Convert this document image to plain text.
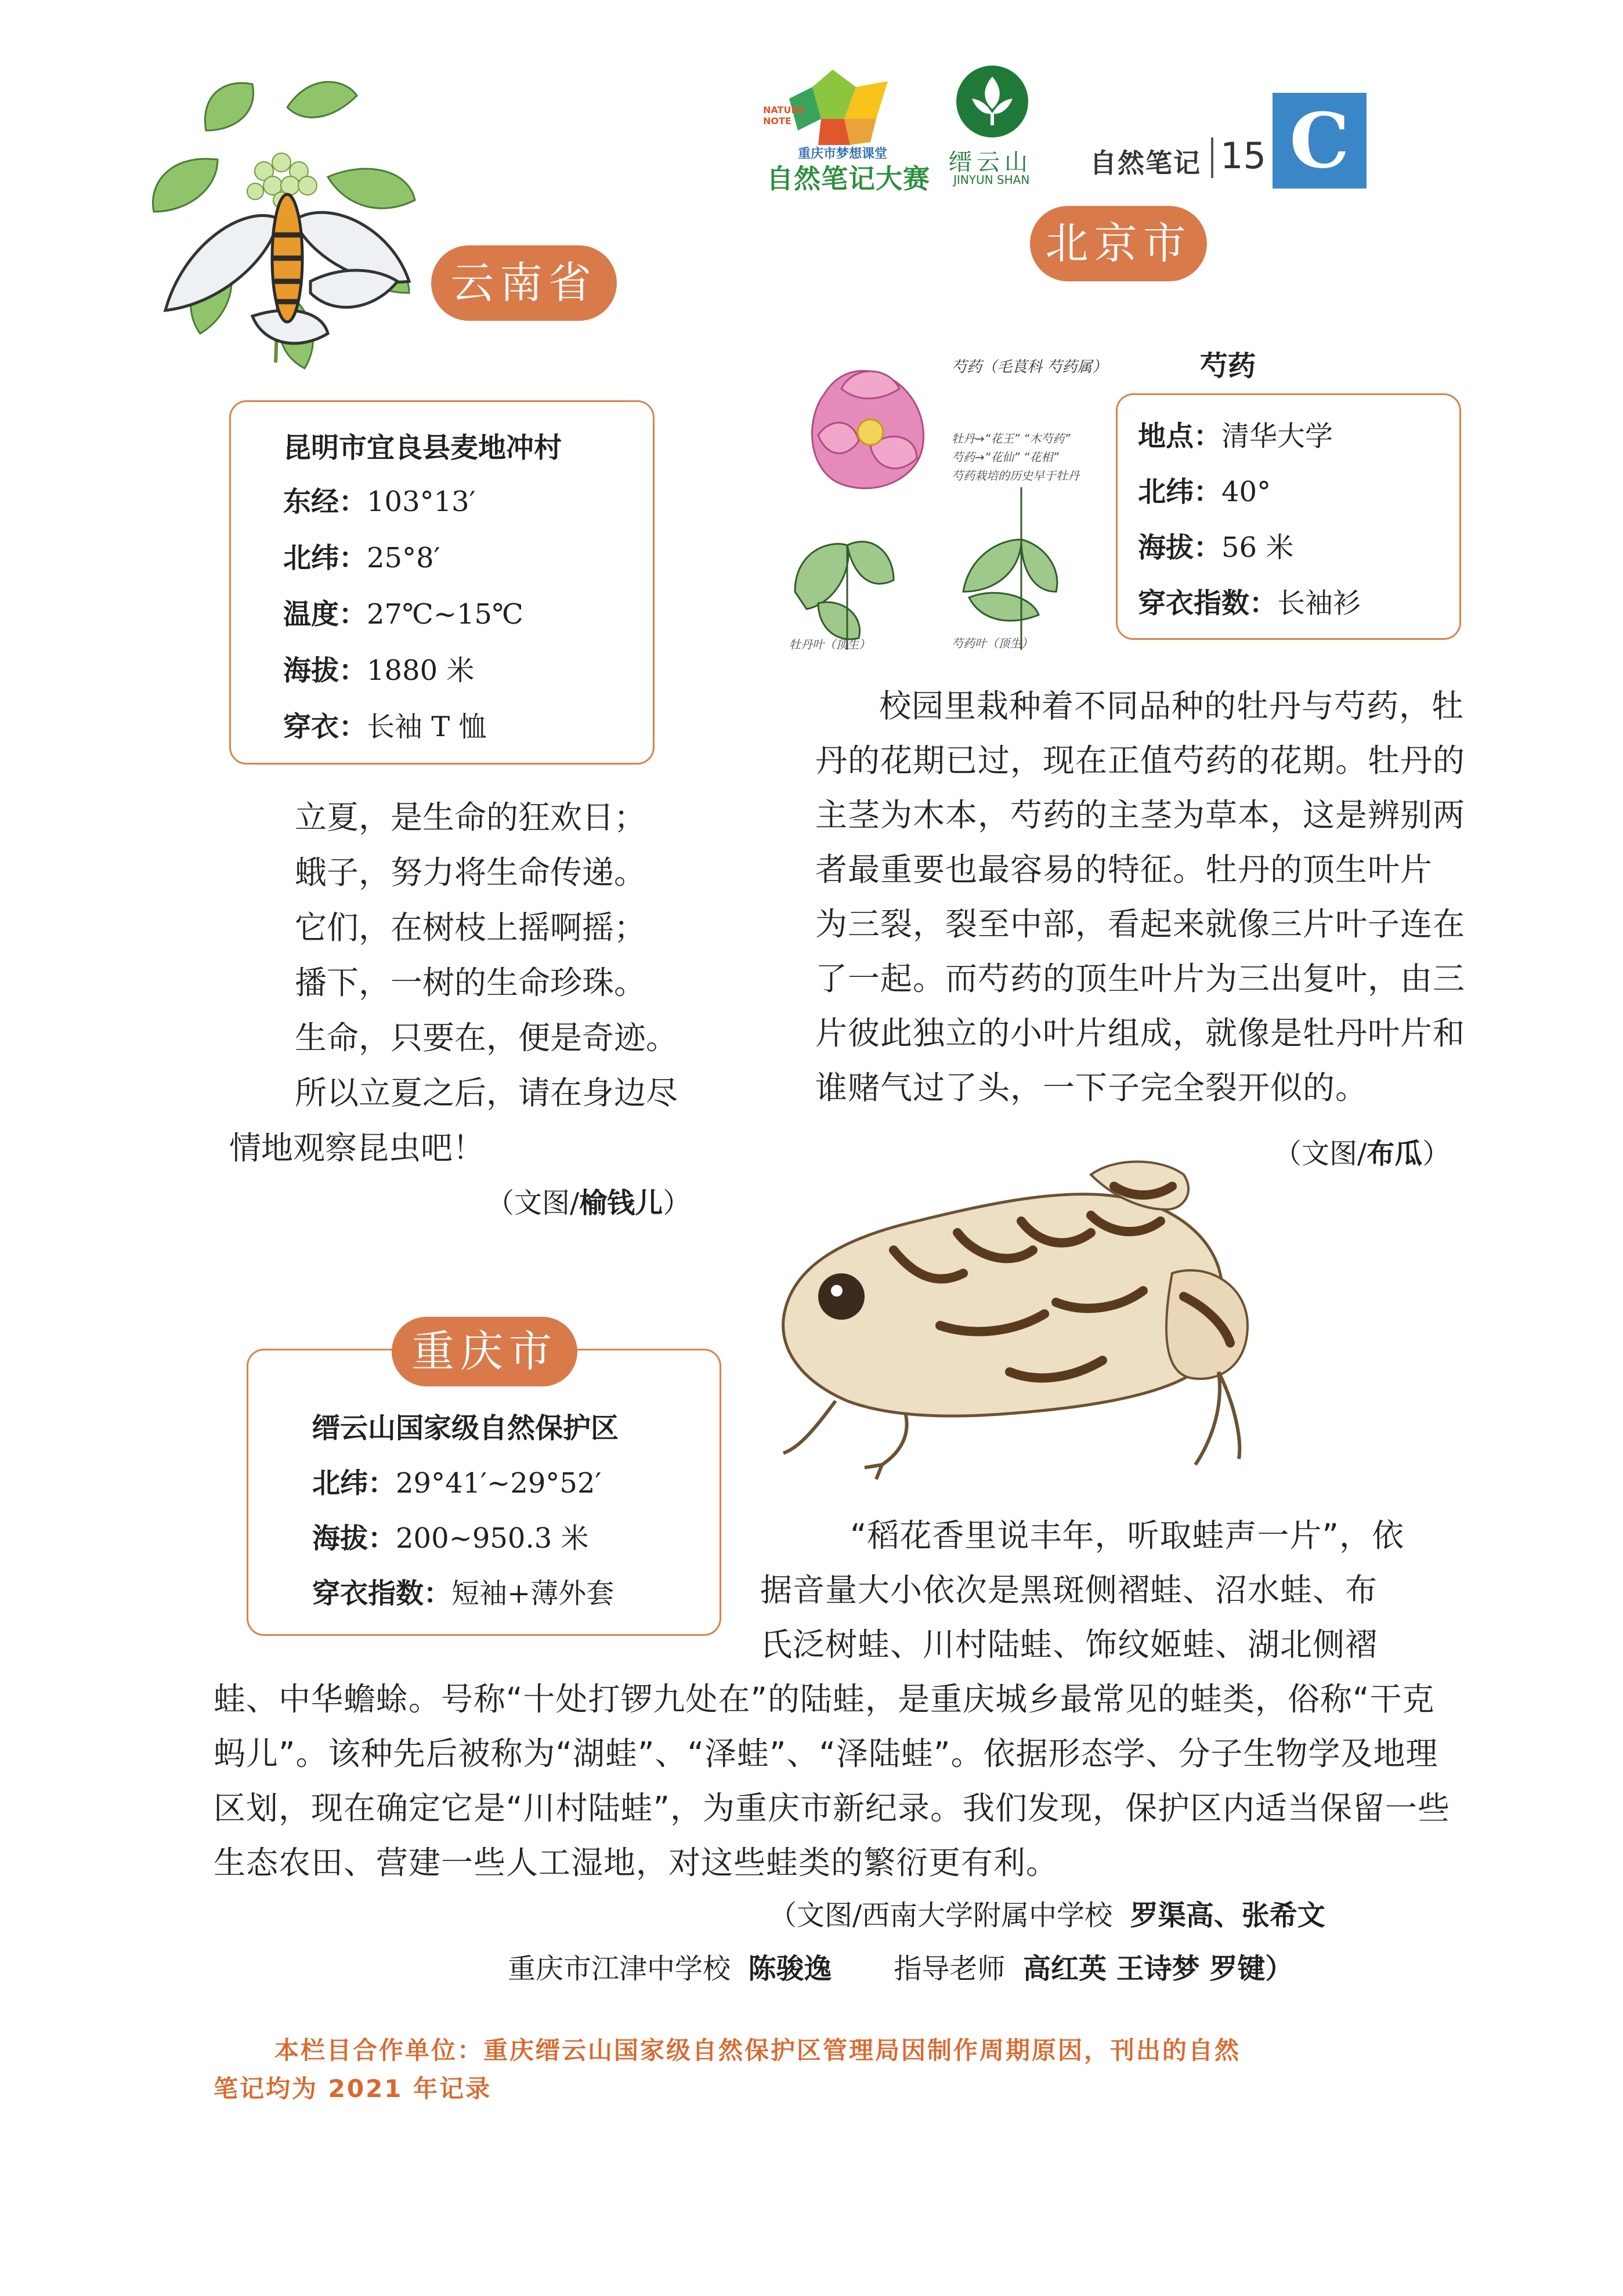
NATURE NOTE
重庆市梦想课堂
自然笔记大赛
缙云山
JINYUN SHAN
自然笔记 15 C
云南省
昆明市宜良县麦地冲村
东经：103°13′
北纬：25°8′
温度：27℃~15℃
海拔：1880 米
穿衣：长袖 T 恤
立夏，是生命的狂欢日；
蛾子，努力将生命传递。
它们，在树枝上摇啊摇；
播下，一树的生命珍珠。
生命，只要在，便是奇迹。
所以立夏之后，请在身边尽
情地观察昆虫吧！
（文图/榆钱儿）
北京市
芍药（毛茛科 芍药属）
牡丹→“花王” “木芍药”
芍药→“花仙” “花相”
芍药栽培的历史早于牡丹
牡丹叶（顶生）	芍药叶（顶生）
芍药
地点：清华大学
北纬：40°
海拔：56 米
穿衣指数：长袖衫
校园里栽种着不同品种的牡丹与芍药，牡
丹的花期已过，现在正值芍药的花期。牡丹的
主茎为木本，芍药的主茎为草本，这是辨别两
者最重要也最容易的特征。牡丹的顶生叶片
为三裂，裂至中部，看起来就像三片叶子连在
了一起。而芍药的顶生叶片为三出复叶，由三
片彼此独立的小叶片组成，就像是牡丹叶片和
谁赌气过了头，一下子完全裂开似的。
（文图/布瓜）
缙云山国家级自然保护区
北纬：29°41′~29°52′
海拔：200~950.3 米
穿衣指数：短袖+薄外套
重庆市
“稻花香里说丰年，听取蛙声一片”，依
据音量大小依次是黑斑侧褶蛙、沼水蛙、布
氏泛树蛙、川村陆蛙、饰纹姬蛙、湖北侧褶
蛙、中华蟾蜍。号称“十处打锣九处在”的陆蛙，是重庆城乡最常见的蛙类，俗称“干克
蚂儿”。该种先后被称为“湖蛙”、“泽蛙”、“泽陆蛙”。依据形态学、分子生物学及地理
区划，现在确定它是“川村陆蛙”，为重庆市新纪录。我们发现，保护区内适当保留一些
生态农田、营建一些人工湿地，对这些蛙类的繁衍更有利。
（文图/西南大学附属中学校 罗渠高、张希文
重庆市江津中学校 陈骏逸 指导老师 高红英 王诗梦 罗键）
本栏目合作单位：重庆缙云山国家级自然保护区管理局因制作周期原因，刊出的自然
笔记均为 2021 年记录
